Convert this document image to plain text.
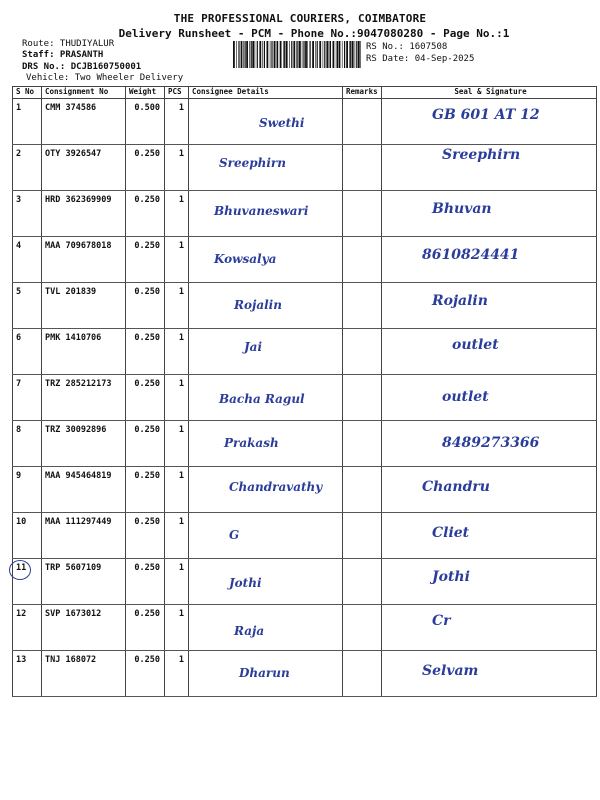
THE PROFESSIONAL COURIERS, COIMBATORE
Delivery Runsheet - PCM - Phone No.:9047080280 - Page No.:1
Route: THUDIYALUR
Staff: PRASANTH
DRS No.: DCJB160750001
Vehicle: Two Wheeler Delivery
RS No.: 1607508
RS Date: 04-Sep-2025
S No	Consignment No	Weight	PCS	Consignee Details	Remarks	Seal & Signature
1	CMM 374586	0.500	1	Swethi		GB 601 AT 12

2	OTY 3926547	0.250	1	Sreephirn		Sreephirn

3	HRD 362369909	0.250	1	Bhuvaneswari		Bhuvan

4	MAA 709678018	0.250	1	Kowsalya		8610824441

5	TVL 201839	0.250	1	Rojalin		Rojalin

6	PMK 1410706	0.250	1	Jai		outlet

7	TRZ 285212173	0.250	1	Bacha Ragul		outlet

8	TRZ 30092896	0.250	1	Prakash		8489273366

9	MAA 945464819	0.250	1	Chandravathy		Chandru

10	MAA 111297449	0.250	1	G		Cliet

11	TRP 5607109	0.250	1	Jothi		Jothi

12	SVP 1673012	0.250	1	Raja		Cr

13	TNJ 168072	0.250	1	Dharun		Selvam
